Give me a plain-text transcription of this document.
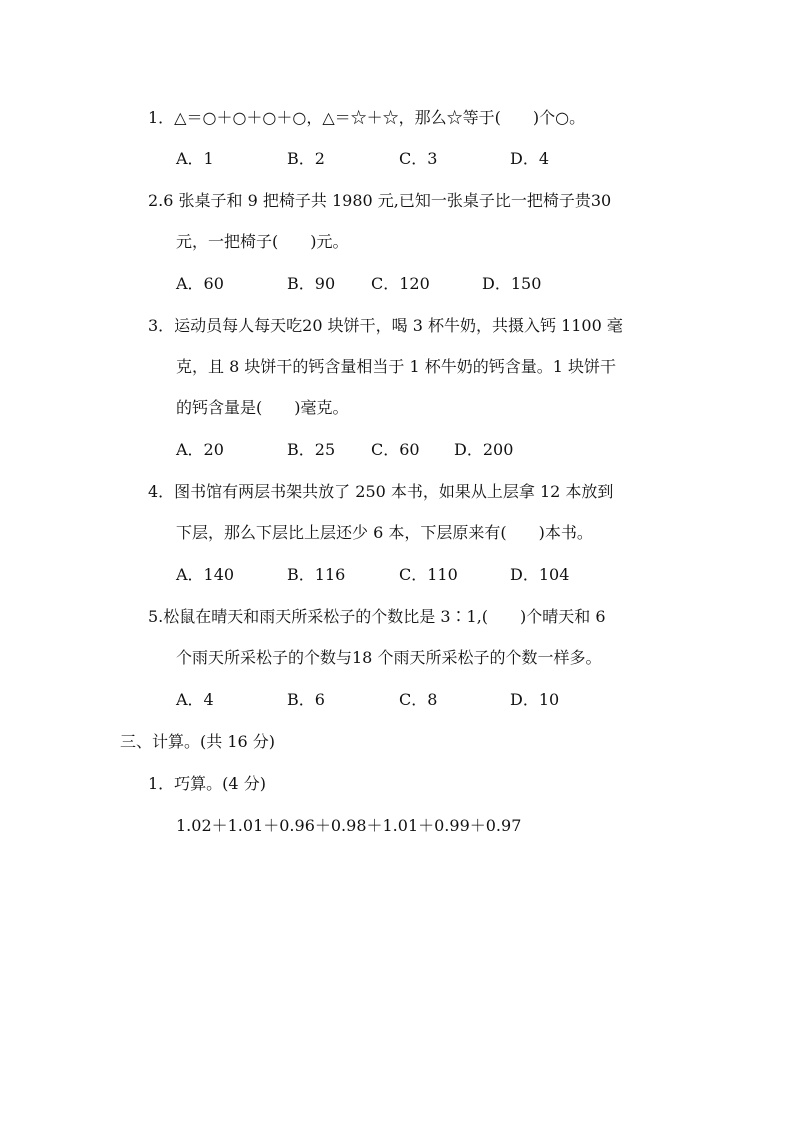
1．△＝○＋○＋○＋○，△＝☆＋☆，那么☆等于(　　)个○。
A．1	B．2	C．3	D．4
2.6 张桌子和 9 把椅子共 1980 元,已知一张桌子比一把椅子贵30
元，一把椅子(　　)元。
A．60	B．90 C．120	D．150
3．运动员每人每天吃20 块饼干，喝 3 杯牛奶，共摄入钙 1100 毫
克，且 8 块饼干的钙含量相当于 1 杯牛奶的钙含量。1 块饼干
的钙含量是(　　)毫克。
A．20	B．25 C．60 D．200
4．图书馆有两层书架共放了 250 本书，如果从上层拿 12 本放到
下层，那么下层比上层还少 6 本，下层原来有(　　)本书。
A．140	B．116	C．110	D．104
5.松鼠在晴天和雨天所采松子的个数比是 3∶1,(　　)个晴天和 6
个雨天所采松子的个数与18 个雨天所采松子的个数一样多。
A．4	B．6	C．8	D．10
三、计算。(共 16 分)
1．巧算。(4 分)
1.02＋1.01＋0.96＋0.98＋1.01＋0.99＋0.97
